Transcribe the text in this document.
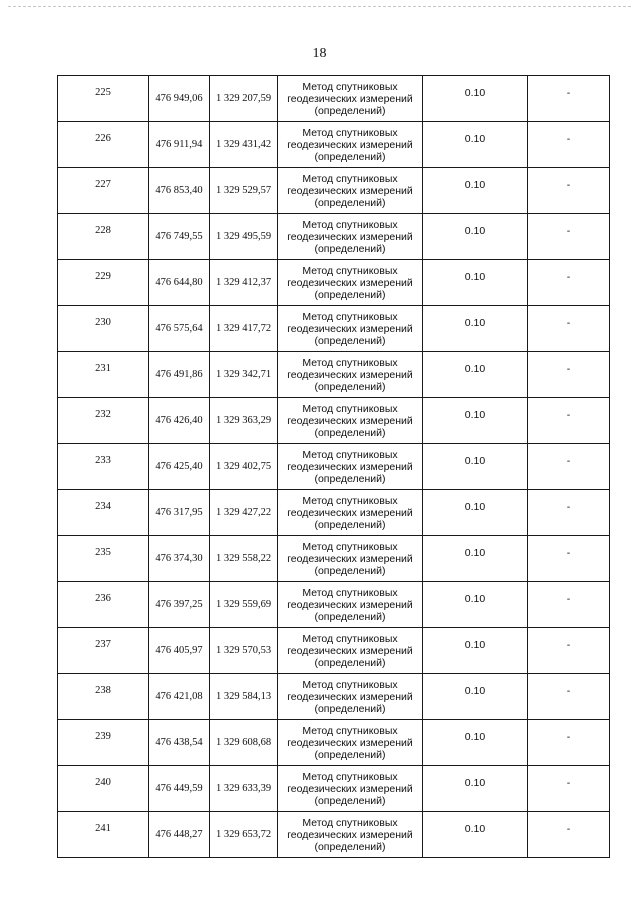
18
225	476 949,06	1 329 207,59	Метод спутниковых
геодезических измерений
(определений)	0.10	-

226	476 911,94	1 329 431,42	Метод спутниковых
геодезических измерений
(определений)	0.10	-

227	476 853,40	1 329 529,57	Метод спутниковых
геодезических измерений
(определений)	0.10	-

228	476 749,55	1 329 495,59	Метод спутниковых
геодезических измерений
(определений)	0.10	-

229	476 644,80	1 329 412,37	Метод спутниковых
геодезических измерений
(определений)	0.10	-

230	476 575,64	1 329 417,72	Метод спутниковых
геодезических измерений
(определений)	0.10	-

231	476 491,86	1 329 342,71	Метод спутниковых
геодезических измерений
(определений)	0.10	-

232	476 426,40	1 329 363,29	Метод спутниковых
геодезических измерений
(определений)	0.10	-

233	476 425,40	1 329 402,75	Метод спутниковых
геодезических измерений
(определений)	0.10	-

234	476 317,95	1 329 427,22	Метод спутниковых
геодезических измерений
(определений)	0.10	-

235	476 374,30	1 329 558,22	Метод спутниковых
геодезических измерений
(определений)	0.10	-

236	476 397,25	1 329 559,69	Метод спутниковых
геодезических измерений
(определений)	0.10	-

237	476 405,97	1 329 570,53	Метод спутниковых
геодезических измерений
(определений)	0.10	-

238	476 421,08	1 329 584,13	Метод спутниковых
геодезических измерений
(определений)	0.10	-

239	476 438,54	1 329 608,68	Метод спутниковых
геодезических измерений
(определений)	0.10	-

240	476 449,59	1 329 633,39	Метод спутниковых
геодезических измерений
(определений)	0.10	-

241	476 448,27	1 329 653,72	Метод спутниковых
геодезических измерений
(определений)	0.10	-
